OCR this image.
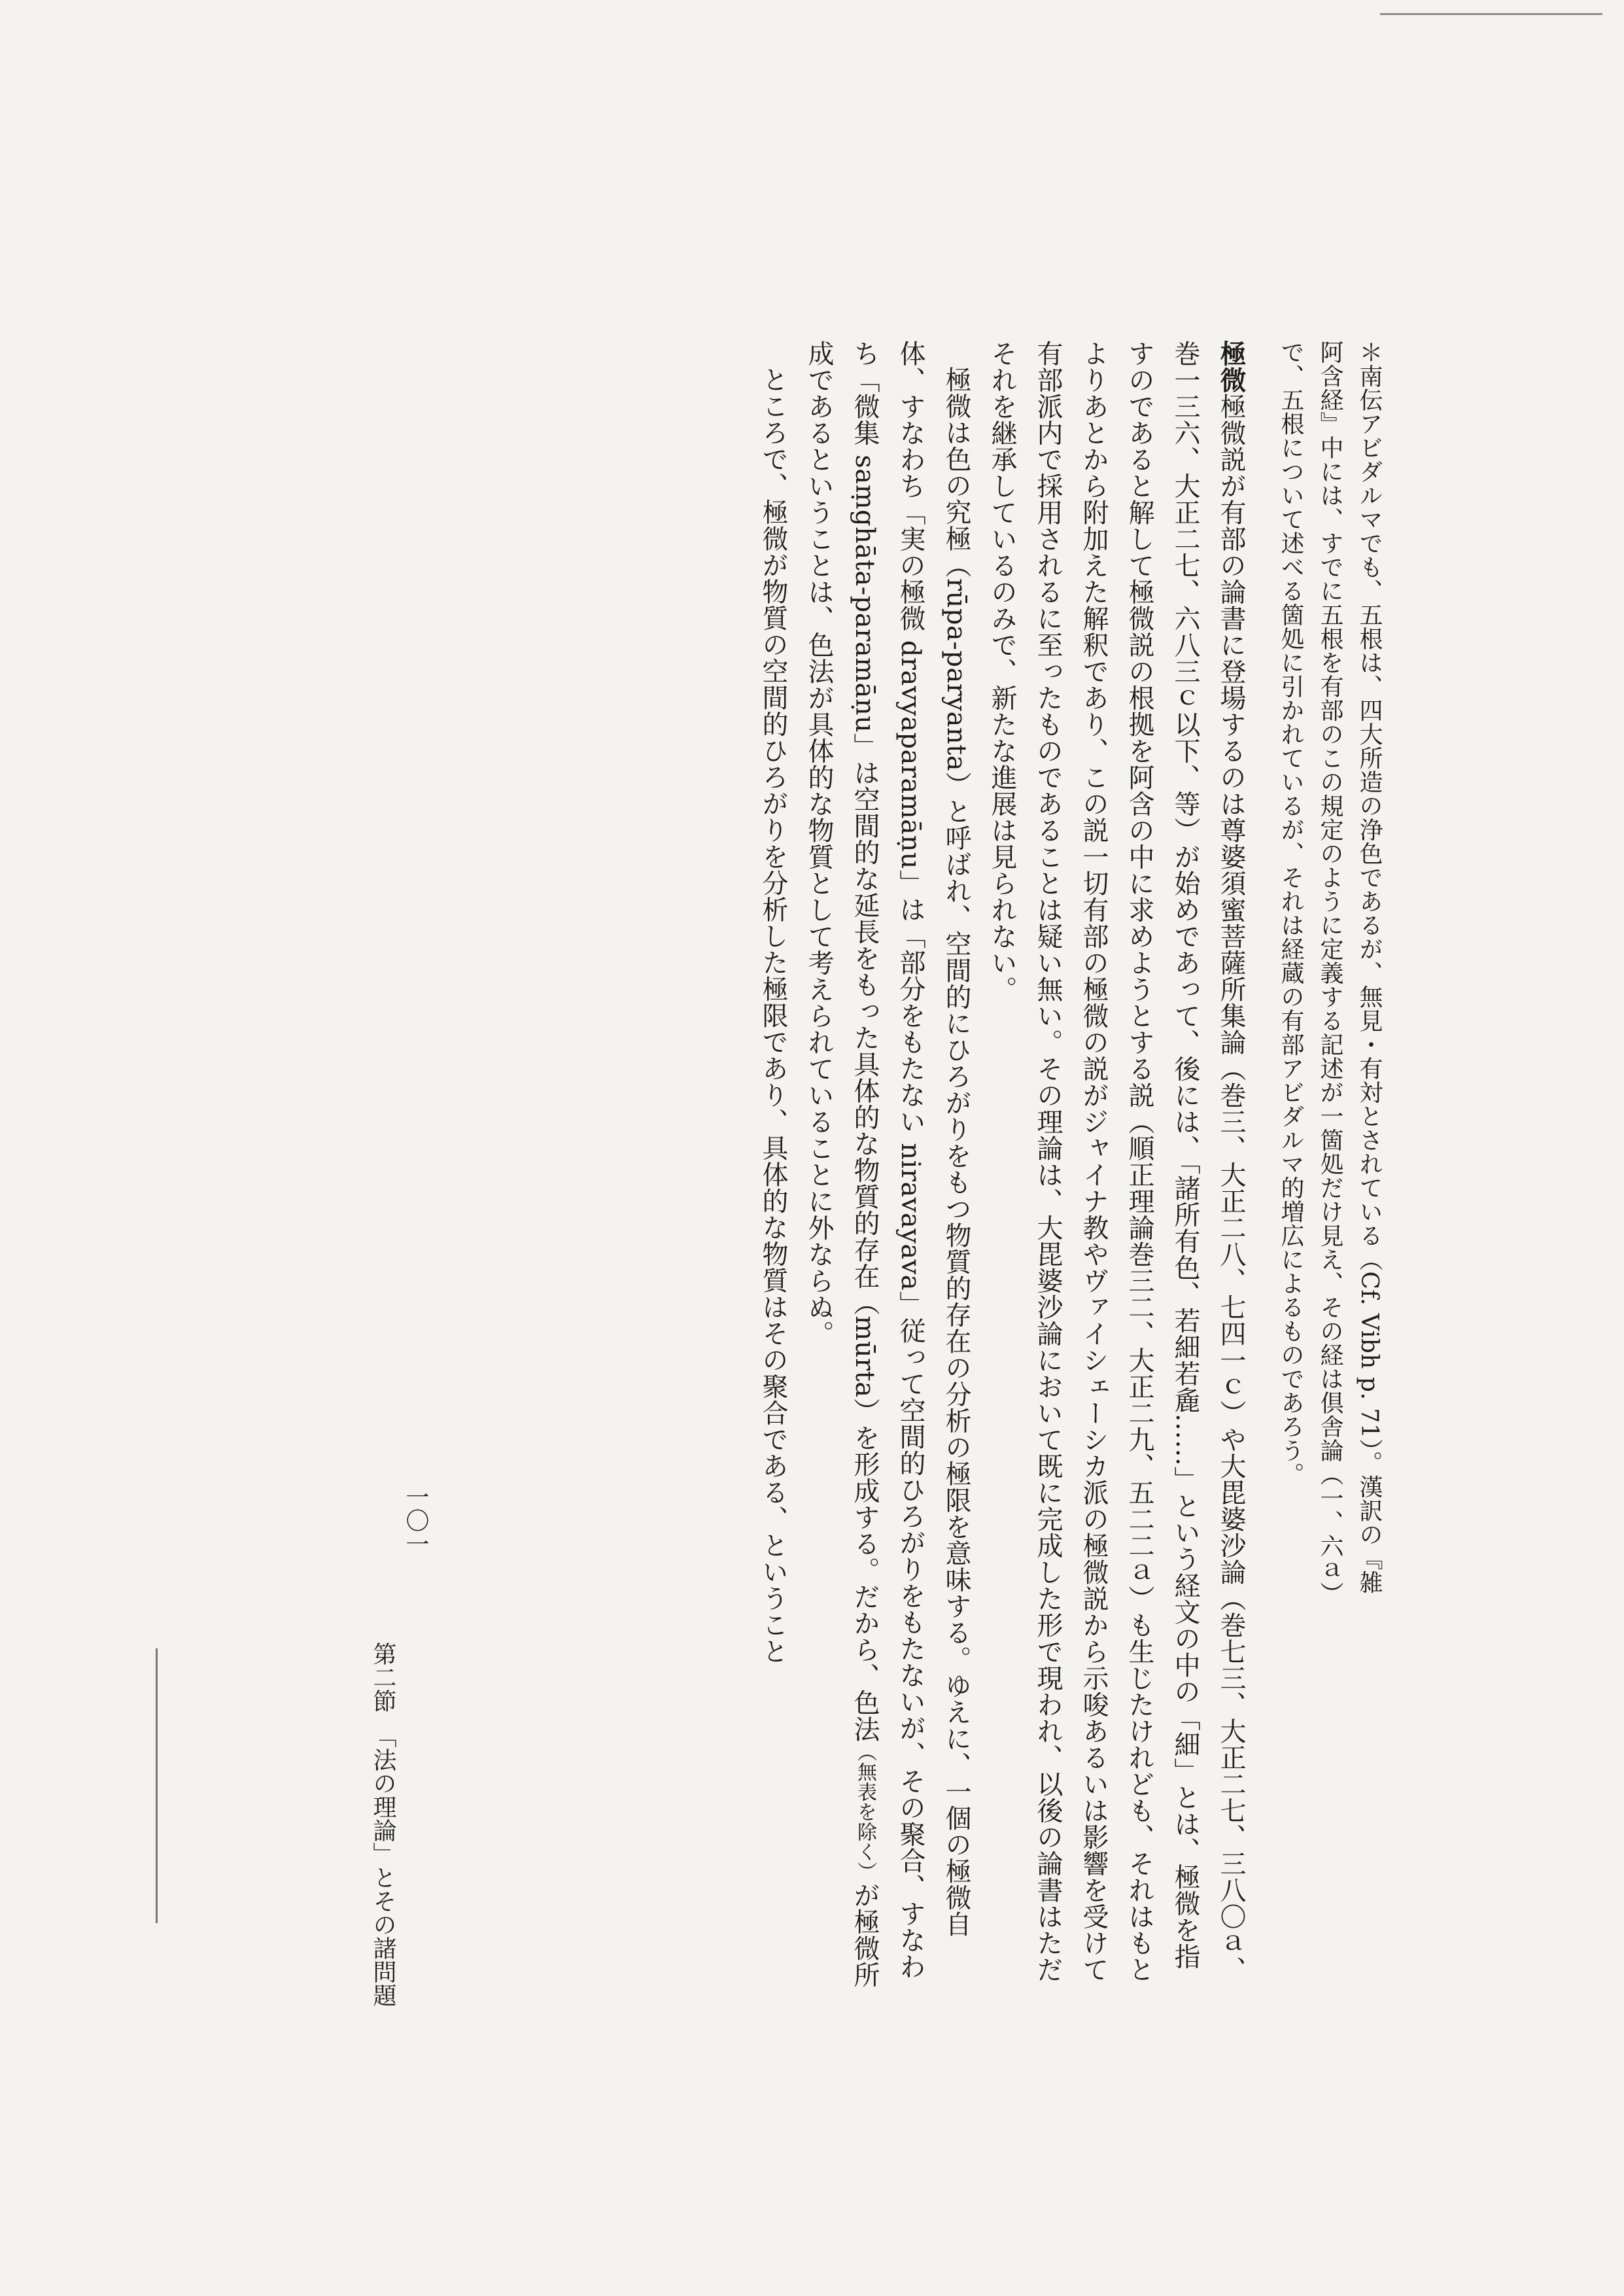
＊南伝アビダルマでも、五根は、四大所造の浄色であるが、無見・有対とされている（Cf. Vibh p. 71）。漢訳の『雑
阿含経』中には、すでに五根を有部のこの規定のように定義する記述が一箇処だけ見え、その経は倶舎論（一、六ａ）
で、五根について述べる箇処に引かれているが、それは経蔵の有部アビダルマ的増広によるものであろう。
極微極微説が有部の論書に登場するのは尊婆須蜜菩薩所集論（巻三、大正二八、七四一ｃ）や大毘婆沙論（巻七三、大正二七、三八〇ａ、巻一三六、大正二七、六八三ｃ以下、等）が始めであって、後には、「諸所有色、若細若麁……」という経文の中の「細」とは、極微を指すのであると解して極微説の根拠を阿含の中に求めようとする説（順正理論巻三二、大正二九、五二二ａ）も生じたけれども、それはもとよりあとから附加えた解釈であり、この説一切有部の極微の説がジャイナ教やヴァイシェーシカ派の極微説から示唆あるいは影響を受けて有部派内で採用されるに至ったものであることは疑い無い。その理論は、大毘婆沙論において既に完成した形で現われ、以後の論書はただそれを継承しているのみで、新たな進展は見られない。
極微は色の究極（rūpa-paryanta）と呼ばれ、空間的にひろがりをもつ物質的存在の分析の極限を意味する。ゆえに、一個の極微自体、すなわち「実の極微 dravyaparamāṇu」は「部分をもたない niravayava」従って空間的ひろがりをもたないが、その聚合、すなわち「微集 saṃghāta-paramāṇu」は空間的な延長をもった具体的な物質的存在（mūrta）を形成する。だから、色法（無表を除く）が極微所成であるということは、色法が具体的な物質として考えられていることに外ならぬ。
ところで、極微が物質の空間的ひろがりを分析した極限であり、具体的な物質はその聚合である、ということ
第二節　「法の理論」とその諸問題
一〇一
